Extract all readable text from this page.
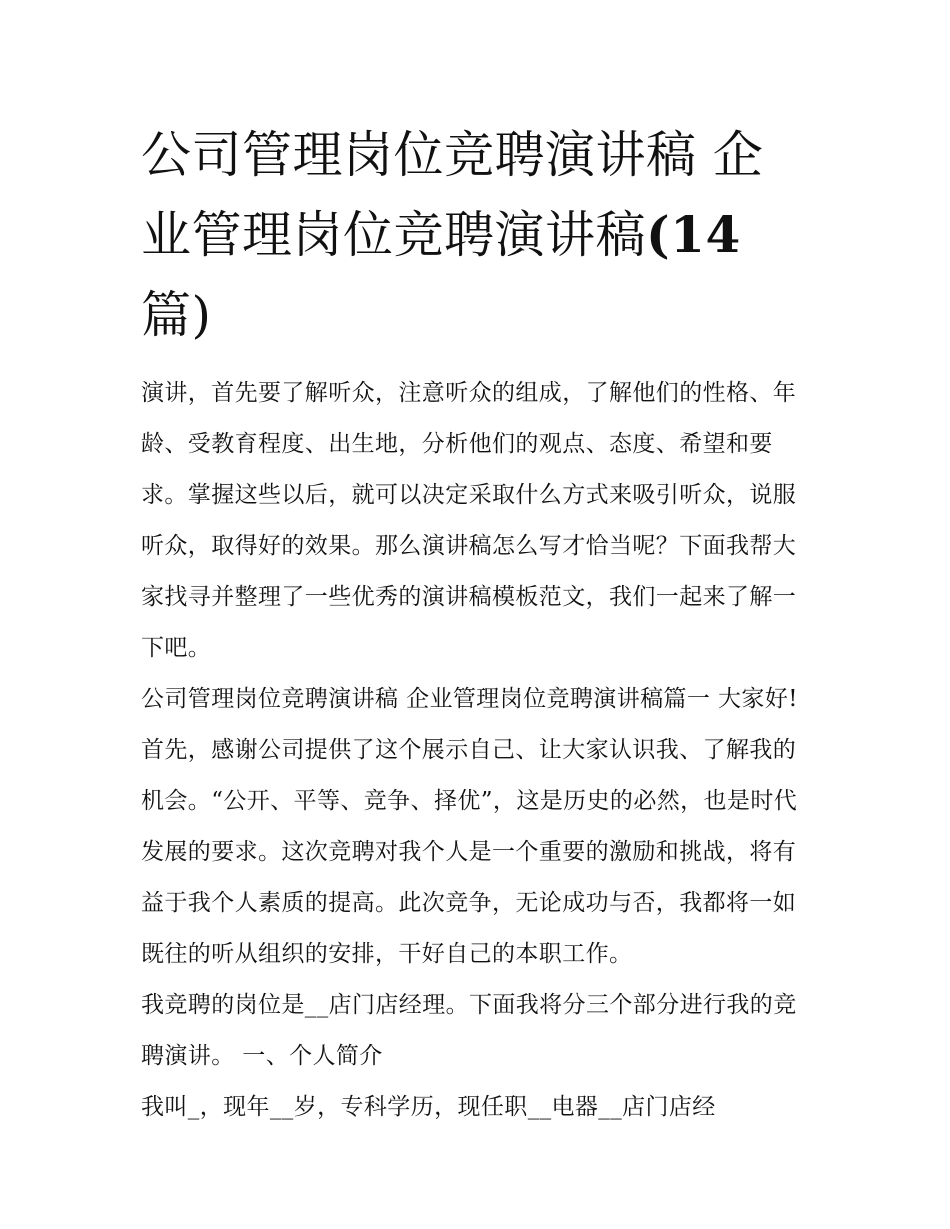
公司管理岗位竞聘演讲稿 企业管理岗位竞聘演讲稿(14 篇)

演讲，首先要了解听众，注意听众的组成，了解他们的性格、年龄、受教育程度、出生地，分析他们的观点、态度、希望和要求。掌握这些以后，就可以决定采取什么方式来吸引听众，说服听众，取得好的效果。那么演讲稿怎么写才恰当呢？下面我帮大家找寻并整理了一些优秀的演讲稿模板范文，我们一起来了解一下吧。

公司管理岗位竞聘演讲稿 企业管理岗位竞聘演讲稿篇一 大家好!

首先，感谢公司提供了这个展示自己、让大家认识我、了解我的机会。“公开、平等、竞争、择优”，这是历史的必然，也是时代发展的要求。这次竞聘对我个人是一个重要的激励和挑战，将有益于我个人素质的提高。此次竞争，无论成功与否，我都将一如既往的听从组织的安排，干好自己的本职工作。

我竞聘的岗位是__店门店经理。下面我将分三个部分进行我的竞聘演讲。 一、个人简介

我叫_，现年__岁，专科学历，现任职__电器__店门店经
